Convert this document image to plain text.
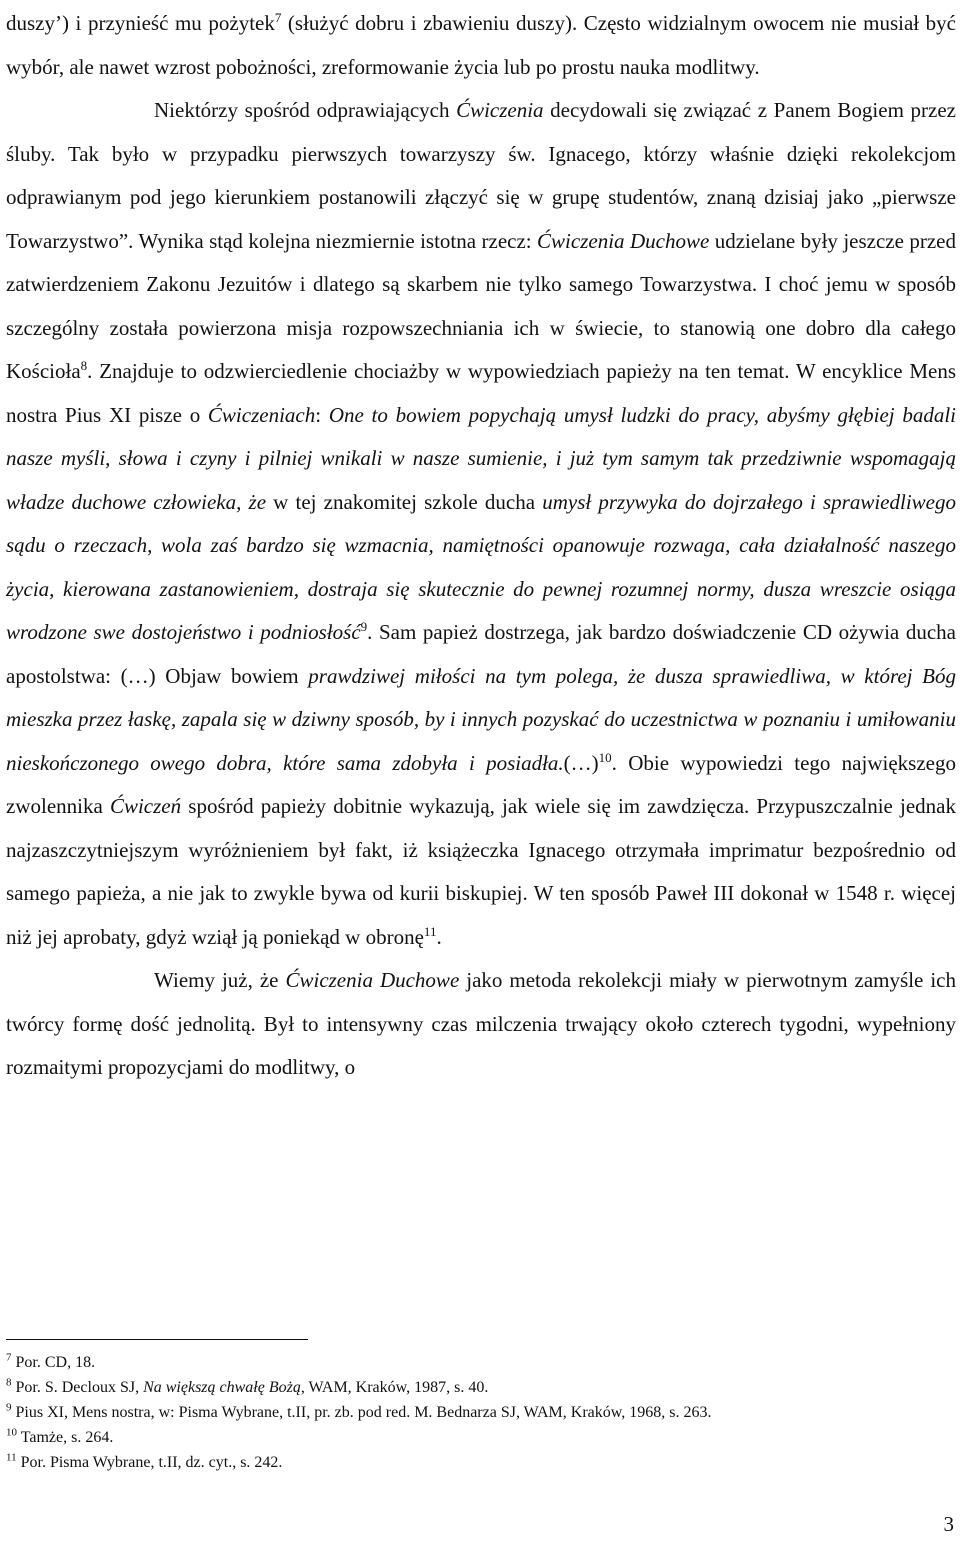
duszy’) i przynieść mu pożytek$^7$ (służyć dobru i zbawieniu duszy). Często widzialnym owocem nie musiał być wybór, ale nawet wzrost pobożności, zreformowanie życia lub po prostu nauka modlitwy.

Niektórzy spośród odprawiających Ćwiczenia decydowali się związać z Panem Bogiem przez śluby. Tak było w przypadku pierwszych towarzyszy św. Ignacego, którzy właśnie dzięki rekolekcjom odprawianym pod jego kierunkiem postanowili złączyć się w grupę studentów, znaną dzisiaj jako „pierwsze Towarzystwo”. Wynika stąd kolejna niezmiernie istotna rzecz: Ćwiczenia Duchowe udzielane były jeszcze przed zatwierdzeniem Zakonu Jezuitów i dlatego są skarbem nie tylko samego Towarzystwa. I choć jemu w sposób szczególny została powierzona misja rozpowszechniania ich w świecie, to stanowią one dobro dla całego Kościoła$^8$. Znajduje to odzwierciedlenie chociażby w wypowiedziach papieży na ten temat. W encyklice Mens nostra Pius XI pisze o Ćwiczeniach: One to bowiem popychają umysł ludzki do pracy, abyśmy głębiej badali nasze myśli, słowa i czyny i pilniej wnikali w nasze sumienie, i już tym samym tak przedziwnie wspomagają władze duchowe człowieka, że w tej znakomitej szkole ducha umysł przywyka do dojrzałego i sprawiedliwego sądu o rzeczach, wola zaś bardzo się wzmacnia, namiętności opanowuje rozwaga, cała działalność naszego życia, kierowana zastanowieniem, dostraja się skutecznie do pewnej rozumnej normy, dusza wreszcie osiąga wrodzone swe dostojeństwo i podniosłość$^9$. Sam papież dostrzega, jak bardzo doświadczenie CD ożywia ducha apostolstwa: (…) Objaw bowiem prawdziwej miłości na tym polega, że dusza sprawiedliwa, w której Bóg mieszka przez łaskę, zapala się w dziwny sposób, by i innych pozyskać do uczestnictwa w poznaniu i umiłowaniu nieskończonego owego dobra, które sama zdobyła i posiadła.(…)$^{10}$. Obie wypowiedzi tego największego zwolennika Ćwiczeń spośród papieży dobitnie wykazują, jak wiele się im zawdzięcza. Przypuszczalnie jednak najzaszczytniejszym wyróżnieniem był fakt, iż książeczka Ignacego otrzymała imprimatur bezpośrednio od samego papieża, a nie jak to zwykle bywa od kurii biskupiej. W ten sposób Paweł III dokonał w 1548 r. więcej niż jej aprobaty, gdyż wziął ją poniekąd w obronę$^{11}$.

Wiemy już, że Ćwiczenia Duchowe jako metoda rekolekcji miały w pierwotnym zamyśle ich twórcy formę dość jednolitą. Był to intensywny czas milczenia trwający około czterech tygodni, wypełniony rozmaitymi propozycjami do modlitwy, o

$^7$ Por. CD, 18.
$^8$ Por. S. Decloux SJ, Na większą chwałę Bożą, WAM, Kraków, 1987, s. 40.
$^9$ Pius XI, Mens nostra, w: Pisma Wybrane, t.II, pr. zb. pod red. M. Bednarza SJ, WAM, Kraków, 1968, s. 263.
$^{10}$ Tamże, s. 264.
$^{11}$ Por. Pisma Wybrane, t.II, dz. cyt., s. 242.
3
